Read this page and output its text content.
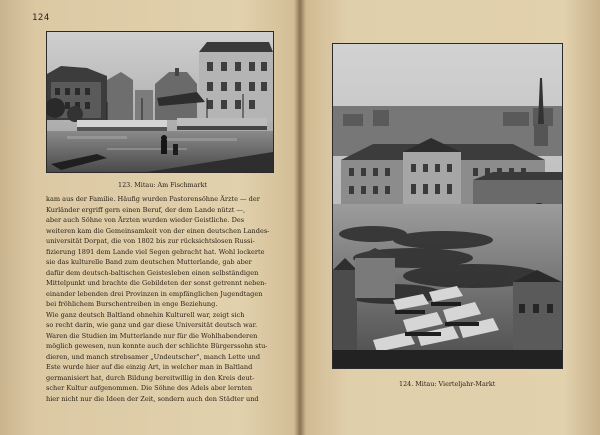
124
123. Mitau: Am Fischmarkt
kam aus der Familie. Häufig wurden Pastorensöhne Ärzte — der
Kurländer ergriff gern einen Beruf, der dem Lande nützt —,
aber auch Söhne von Ärzten wurden wieder Geistliche. Des
weiteren kam die Gemeinsamkeit von der einen deutschen Landes-
universität Dorpat, die von 1802 bis zur rücksichtslosen Russi-
fizierung 1891 dem Lande viel Segen gebracht hat. Wohl lockerte
sie das kulturelle Band zum deutschen Mutterlande, gab aber
dafür dem deutsch-baltischen Geistesleben einen selbständigen
Mittelpunkt und brachte die Gebildeten der sonst getrennt neben-
einander lebenden drei Provinzen in empfänglichen Jugendtagen
bei fröhlichem Burschentreiben in enge Beziehung.
Wie ganz deutsch Baltland ohnehin Kulturell war, zeigt sich
so recht darin, wie ganz und gar diese Universität deutsch war.
Waren die Studien im Mutterlande nur für die Wohlhabenderen
möglich gewesen, nun konnte auch der schlichte Bürgerssohn stu-
dieren, und manch strebsamer „Undeutscher", manch Lette und
Este wurde hier auf die einzig Art, in welcher man in Baltland
germanisiert hat, durch Bildung bereitwillig in den Kreis deut-
scher Kultur aufgenommen. Die Söhne des Adels aber lernten
hier nicht nur die Ideen der Zeit, sondern auch den Städter und
124. Mitau: Vierteljahr-Markt
